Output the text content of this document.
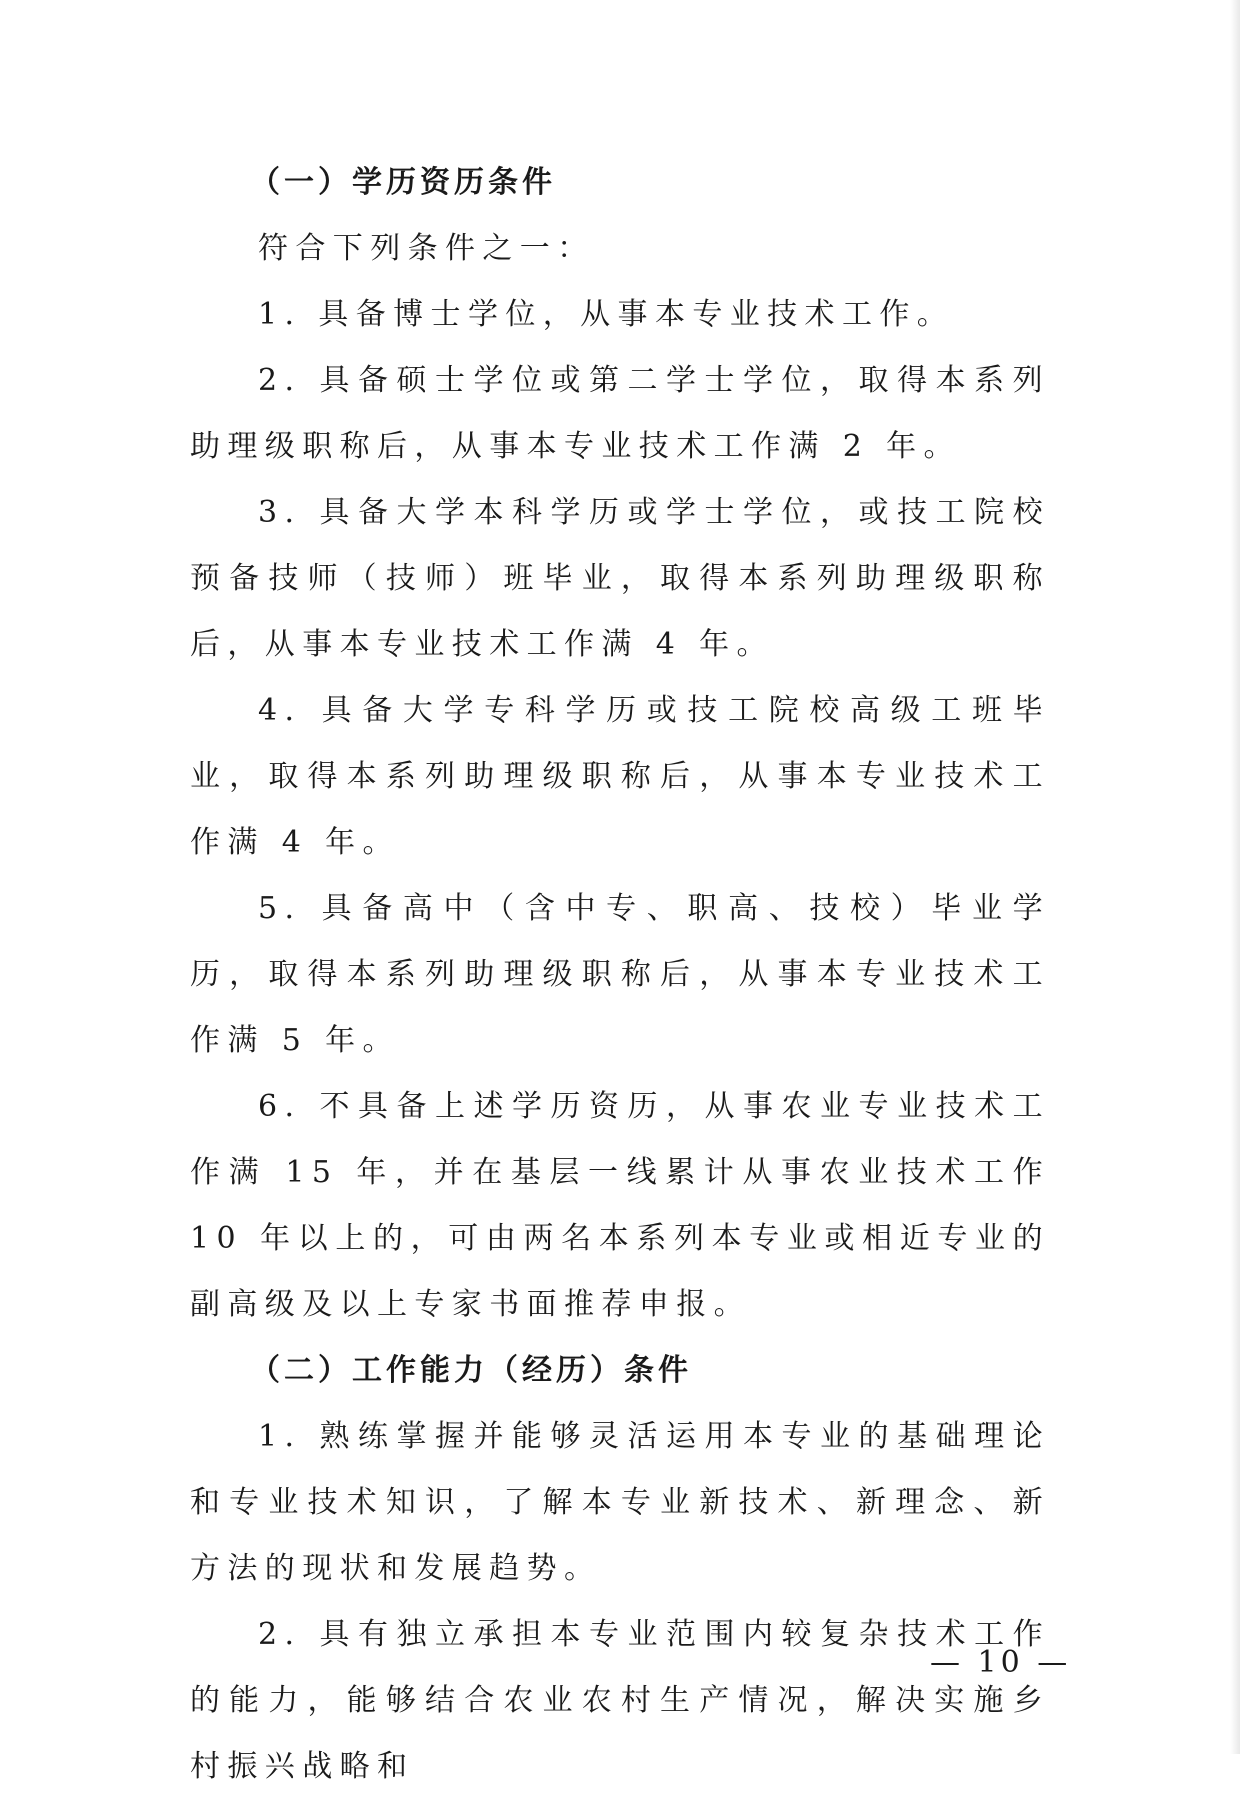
（一）学历资历条件

符合下列条件之一：

1. 具备博士学位，从事本专业技术工作。

2. 具备硕士学位或第二学士学位，取得本系列助理级职称后，从事本专业技术工作满 2 年。

3. 具备大学本科学历或学士学位，或技工院校预备技师（技师）班毕业，取得本系列助理级职称后，从事本专业技术工作满 4 年。

4. 具备大学专科学历或技工院校高级工班毕业，取得本系列助理级职称后，从事本专业技术工作满 4 年。

5. 具备高中（含中专、职高、技校）毕业学历，取得本系列助理级职称后，从事本专业技术工作满 5 年。

6. 不具备上述学历资历，从事农业专业技术工作满 15 年，并在基层一线累计从事农业技术工作 10 年以上的，可由两名本系列本专业或相近专业的副高级及以上专家书面推荐申报。

（二）工作能力（经历）条件

1. 熟练掌握并能够灵活运用本专业的基础理论和专业技术知识，了解本专业新技术、新理念、新方法的现状和发展趋势。

2. 具有独立承担本专业范围内较复杂技术工作的能力，能够结合农业农村生产情况，解决实施乡村振兴战略和

— 10 —
